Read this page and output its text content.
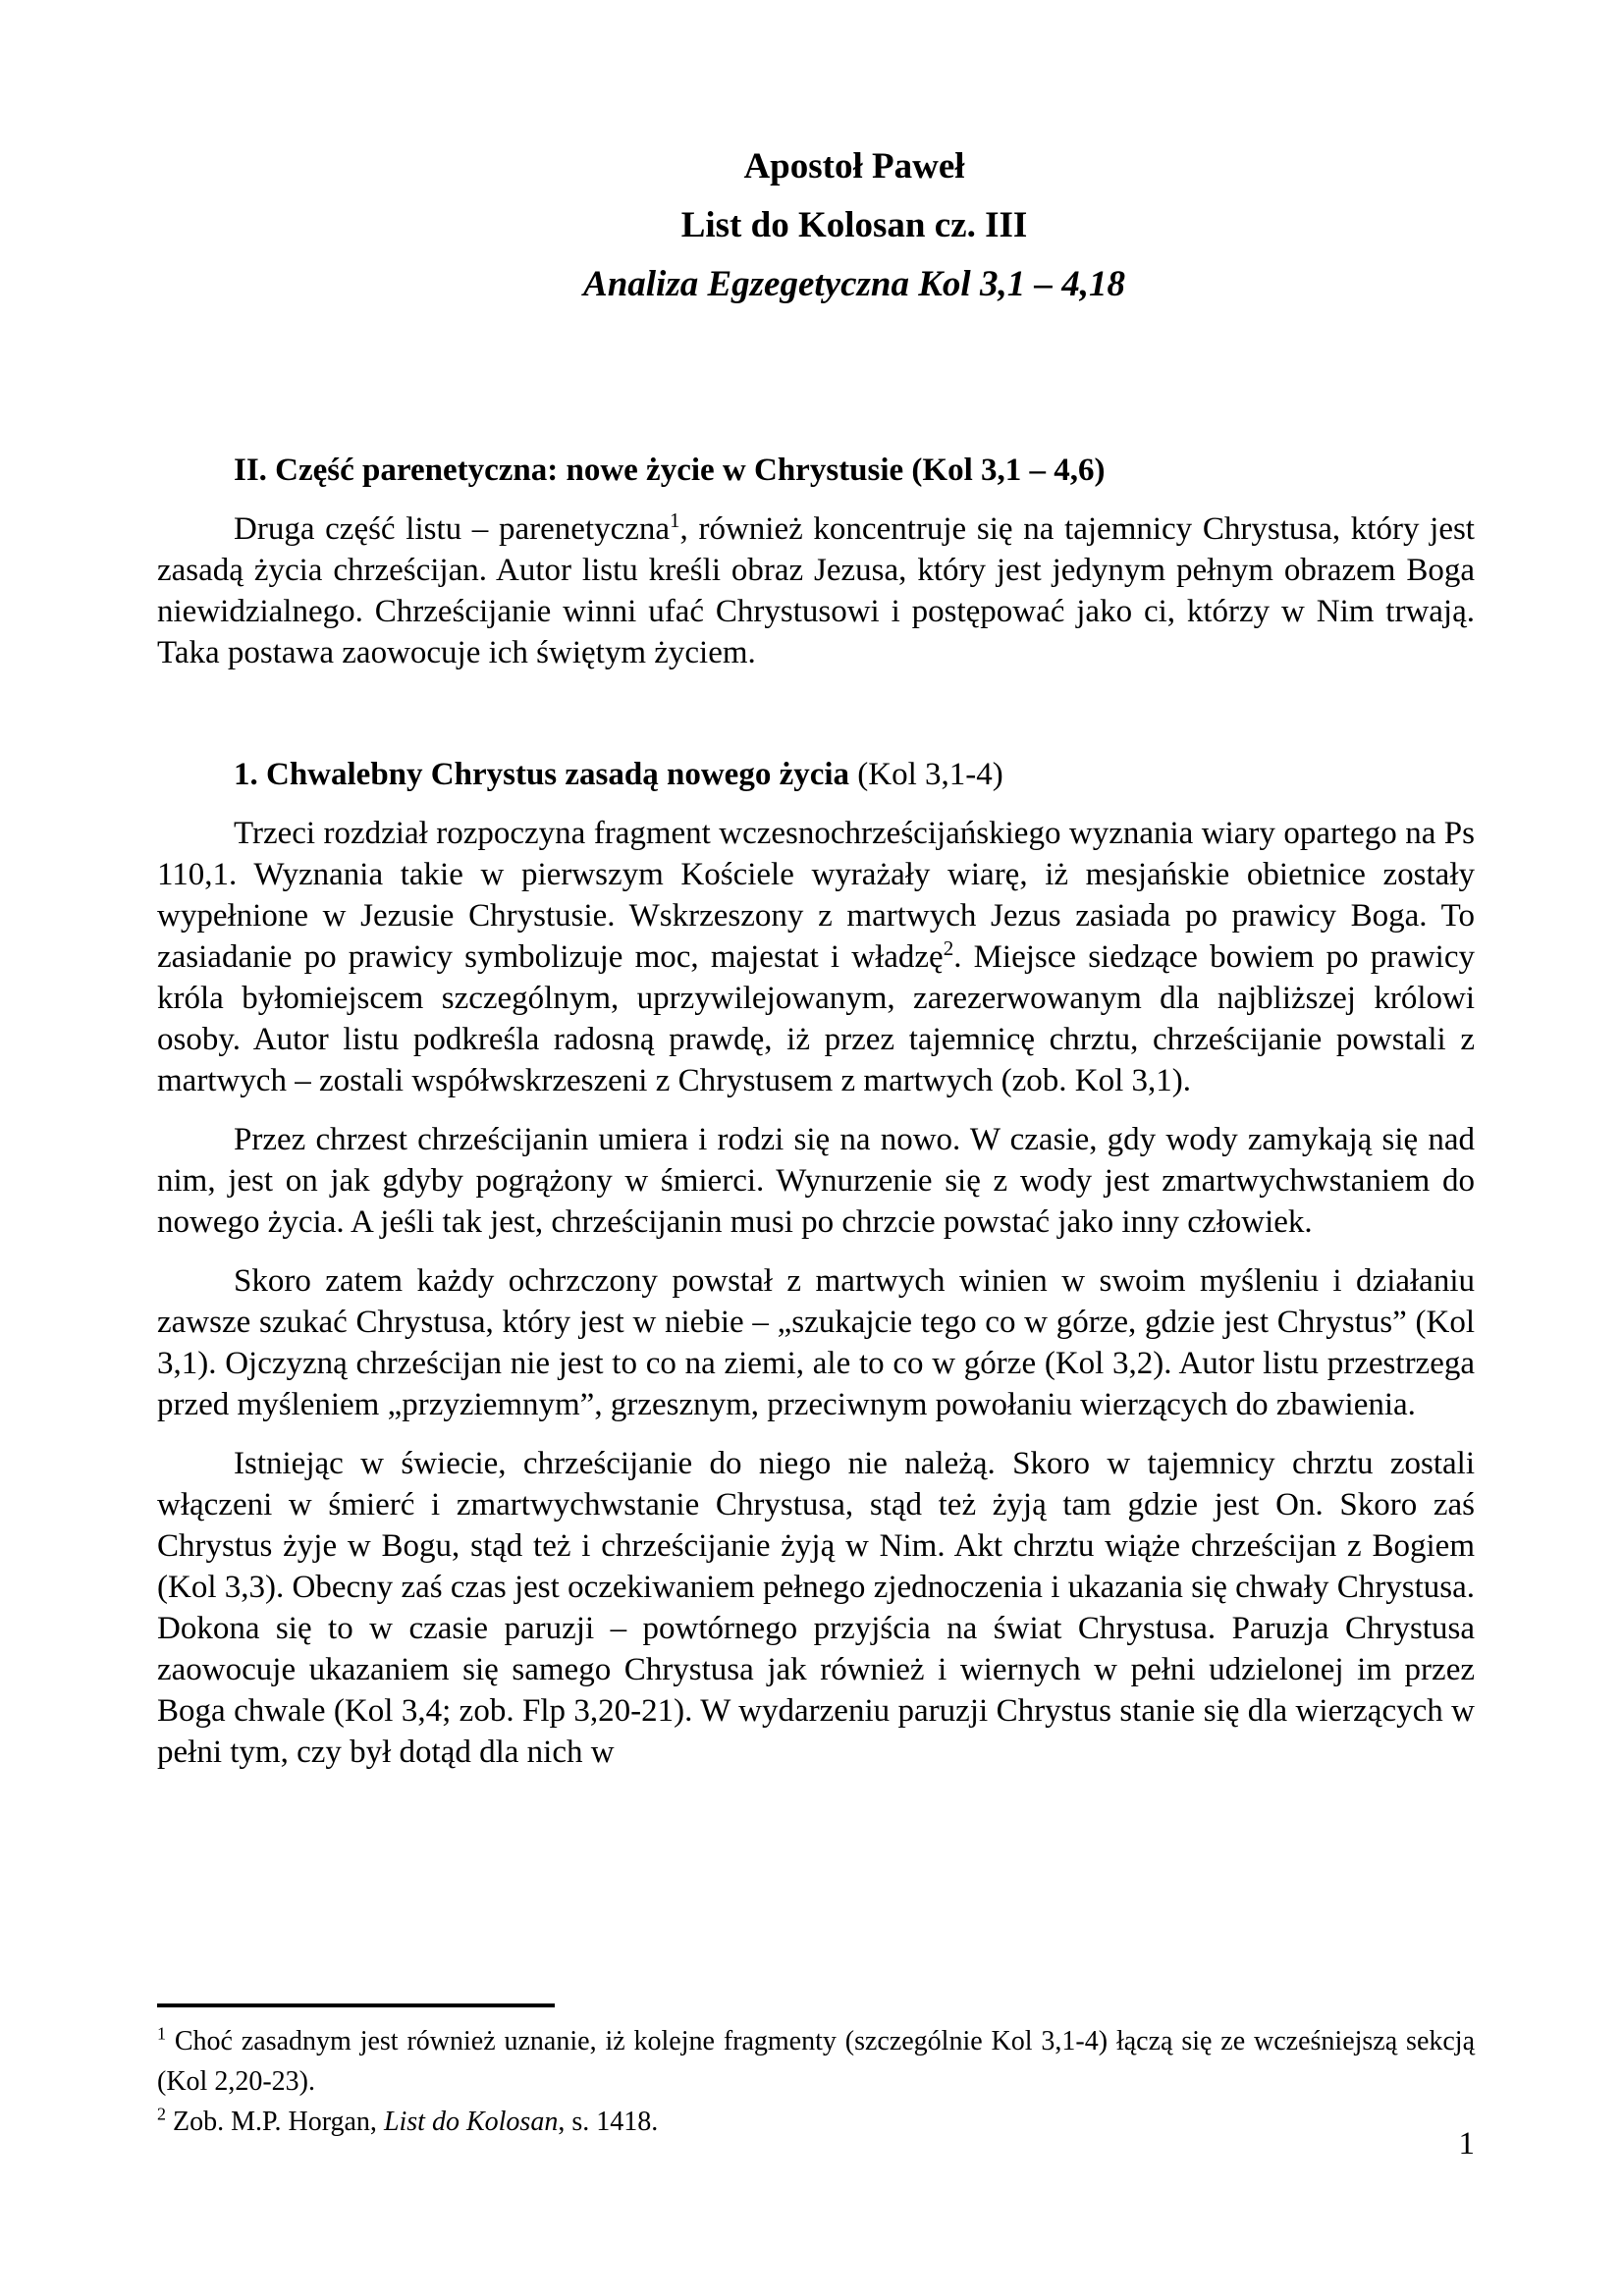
Apostoł Paweł

List do Kolosan cz. III

Analiza Egzegetyczna Kol 3,1 – 4,18

II. Część parenetyczna: nowe życie w Chrystusie (Kol 3,1 – 4,6)

Druga część listu – parenetyczna$^1$, również koncentruje się na tajemnicy Chrystusa, który jest zasadą życia chrześcijan. Autor listu kreśli obraz Jezusa, który jest jedynym pełnym obrazem Boga niewidzialnego. Chrześcijanie winni ufać Chrystusowi i postępować jako ci, którzy w Nim trwają. Taka postawa zaowocuje ich świętym życiem.

1. Chwalebny Chrystus zasadą nowego życia (Kol 3,1-4)

Trzeci rozdział rozpoczyna fragment wczesnochrześcijańskiego wyznania wiary opartego na Ps 110,1. Wyznania takie w pierwszym Kościele wyrażały wiarę, iż mesjańskie obietnice zostały wypełnione w Jezusie Chrystusie. Wskrzeszony z martwych Jezus zasiada po prawicy Boga. To zasiadanie po prawicy symbolizuje moc, majestat i władzę$^2$. Miejsce siedzące bowiem po prawicy króla byłomiejscem szczególnym, uprzywilejowanym, zarezerwowanym dla najbliższej królowi osoby. Autor listu podkreśla radosną prawdę, iż przez tajemnicę chrztu, chrześcijanie powstali z martwych – zostali współwskrzeszeni z Chrystusem z martwych (zob. Kol 3,1).

Przez chrzest chrześcijanin umiera i rodzi się na nowo. W czasie, gdy wody zamykają się nad nim, jest on jak gdyby pogrążony w śmierci. Wynurzenie się z wody jest zmartwychwstaniem do nowego życia. A jeśli tak jest, chrześcijanin musi po chrzcie powstać jako inny człowiek.

Skoro zatem każdy ochrzczony powstał z martwych winien w swoim myśleniu i działaniu zawsze szukać Chrystusa, który jest w niebie – „szukajcie tego co w górze, gdzie jest Chrystus” (Kol 3,1). Ojczyzną chrześcijan nie jest to co na ziemi, ale to co w górze (Kol 3,2). Autor listu przestrzega przed myśleniem „przyziemnym”, grzesznym, przeciwnym powołaniu wierzących do zbawienia.

Istniejąc w świecie, chrześcijanie do niego nie należą. Skoro w tajemnicy chrztu zostali włączeni w śmierć i zmartwychwstanie Chrystusa, stąd też żyją tam gdzie jest On. Skoro zaś Chrystus żyje w Bogu, stąd też i chrześcijanie żyją w Nim. Akt chrztu wiąże chrześcijan z Bogiem (Kol 3,3). Obecny zaś czas jest oczekiwaniem pełnego zjednoczenia i ukazania się chwały Chrystusa. Dokona się to w czasie paruzji – powtórnego przyjścia na świat Chrystusa. Paruzja Chrystusa zaowocuje ukazaniem się samego Chrystusa jak również i wiernych w pełni udzielonej im przez Boga chwale (Kol 3,4; zob. Flp 3,20-21). W wydarzeniu paruzji Chrystus stanie się dla wierzących w pełni tym, czy był dotąd dla nich w

$^1$ Choć zasadnym jest również uznanie, iż kolejne fragmenty (szczególnie Kol 3,1-4) łączą się ze wcześniejszą sekcją (Kol 2,20-23).

$^2$ Zob. M.P. Horgan, List do Kolosan, s. 1418.

1
